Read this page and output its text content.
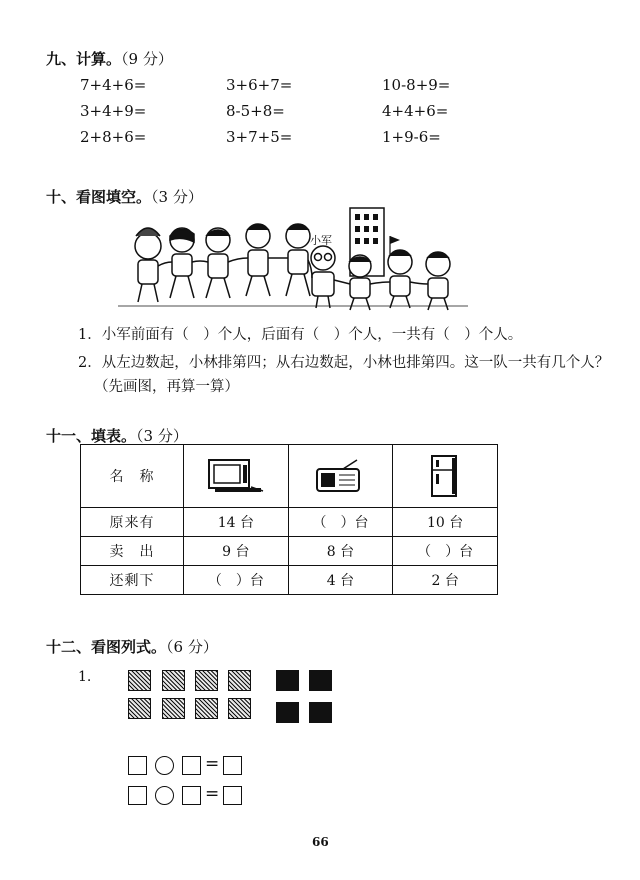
九、计算。（9 分）
7+4+6=	3+6+7=	10-8+9=
3+4+9=	8-5+8=	4+4+6=
2+8+6=	3+7+5=	1+9-6=
十、看图填空。（3 分）
小军
1．小军前面有（　）个人，后面有（　）个人，一共有（　）个人。
2．从左边数起，小林排第四；从右边数起，小林也排第四。这一队一共有几个人？
（先画图，再算一算）
十一、填表。（3 分）
名　称	

原来有	14 台	（　）台	10 台
卖　出	9 台	8 台	（　）台
还剩下	（　）台	4 台	2 台
十二、看图列式。（6 分）
1.
=
=
66
